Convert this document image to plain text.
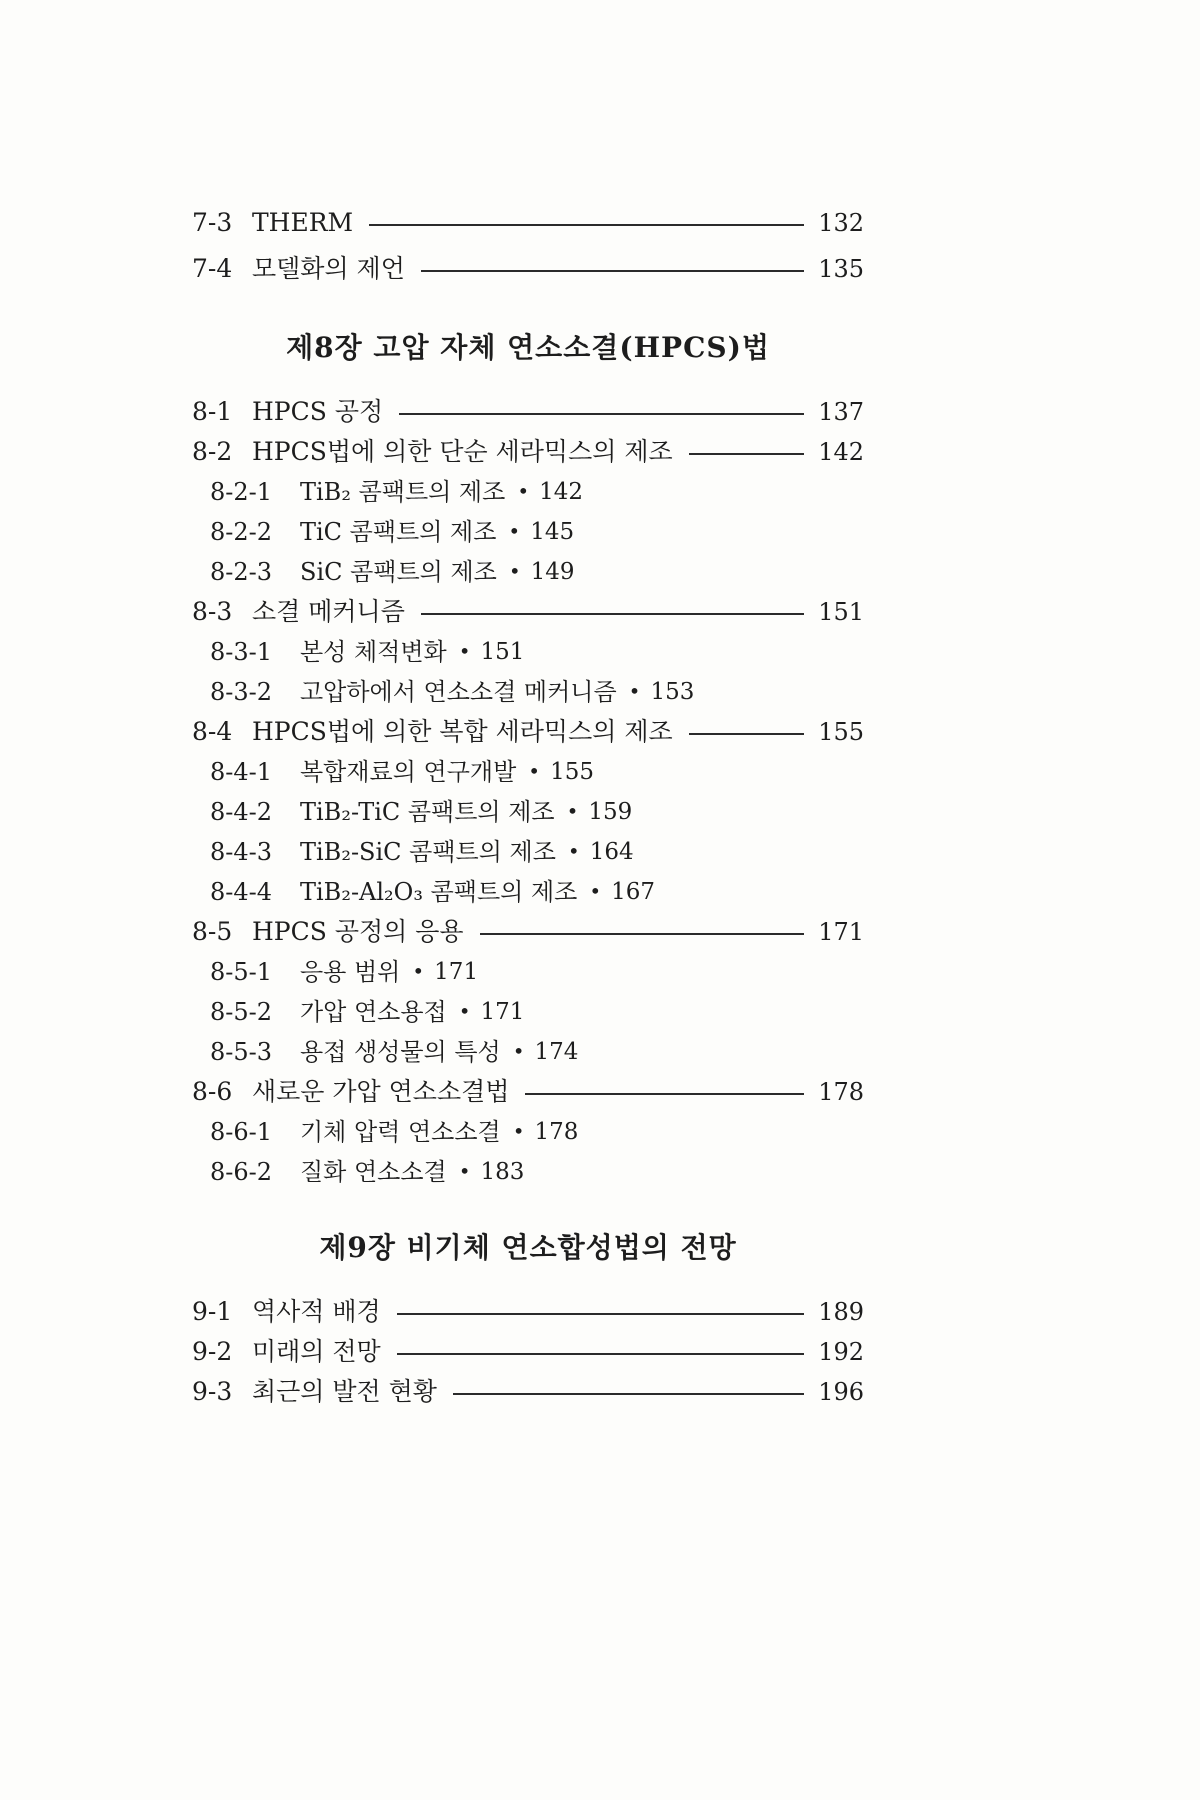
7-3 THERM	132
7-4 모델화의 제언	135
제8장 고압 자체 연소소결(HPCS)법
8-1 HPCS 공정	137
8-2 HPCS법에 의한 단순 세라믹스의 제조	142
8-2-1	TiB₂ 콤팩트의 제조 • 142
8-2-2	TiC 콤팩트의 제조 • 145
8-2-3	SiC 콤팩트의 제조 • 149
8-3 소결 메커니즘	151
8-3-1	본성 체적변화 • 151
8-3-2	고압하에서 연소소결 메커니즘 • 153
8-4 HPCS법에 의한 복합 세라믹스의 제조	155
8-4-1	복합재료의 연구개발 • 155
8-4-2	TiB₂-TiC 콤팩트의 제조 • 159
8-4-3	TiB₂-SiC 콤팩트의 제조 • 164
8-4-4	TiB₂-Al₂O₃ 콤팩트의 제조 • 167
8-5 HPCS 공정의 응용	171
8-5-1	응용 범위 • 171
8-5-2	가압 연소용접 • 171
8-5-3	용접 생성물의 특성 • 174
8-6 새로운 가압 연소소결법	178
8-6-1	기체 압력 연소소결 • 178
8-6-2	질화 연소소결 • 183
제9장 비기체 연소합성법의 전망
9-1 역사적 배경	189
9-2 미래의 전망	192
9-3 최근의 발전 현황	196
